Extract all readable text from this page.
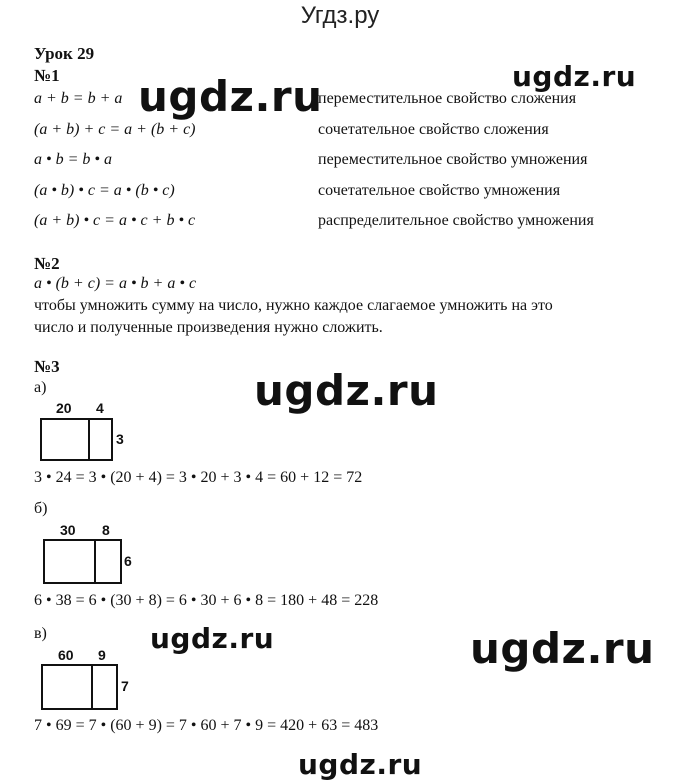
Угдз.ру
Урок 29
№1
a + b = b + a	переместительное свойство сложения
(a + b) + c = a + (b + c)	сочетательное свойство сложения
a • b = b • a	переместительное свойство умножения
(a • b) • c = a • (b • c)	сочетательное свойство умножения
(a + b) • c = a • c + b • c	распределительное свойство умножения
№2
a • (b + c) = a • b + a • c
чтобы умножить сумму на число, нужно каждое слагаемое умножить на это
число и полученные произведения нужно сложить.
№3
а)
20 4
3
3 • 24 = 3 • (20 + 4) = 3 • 20 + 3 • 4 = 60 + 12 = 72
б)
30 8
6
6 • 38 = 6 • (30 + 8) = 6 • 30 + 6 • 8 = 180 + 48 = 228
в)
60 9
7
7 • 69 = 7 • (60 + 9) = 7 • 60 + 7 • 9 = 420 + 63 = 483
ugdz.ru	ugdz.ru
ugdz.ru
ugdz.ru	ugdz.ru
ugdz.ru
